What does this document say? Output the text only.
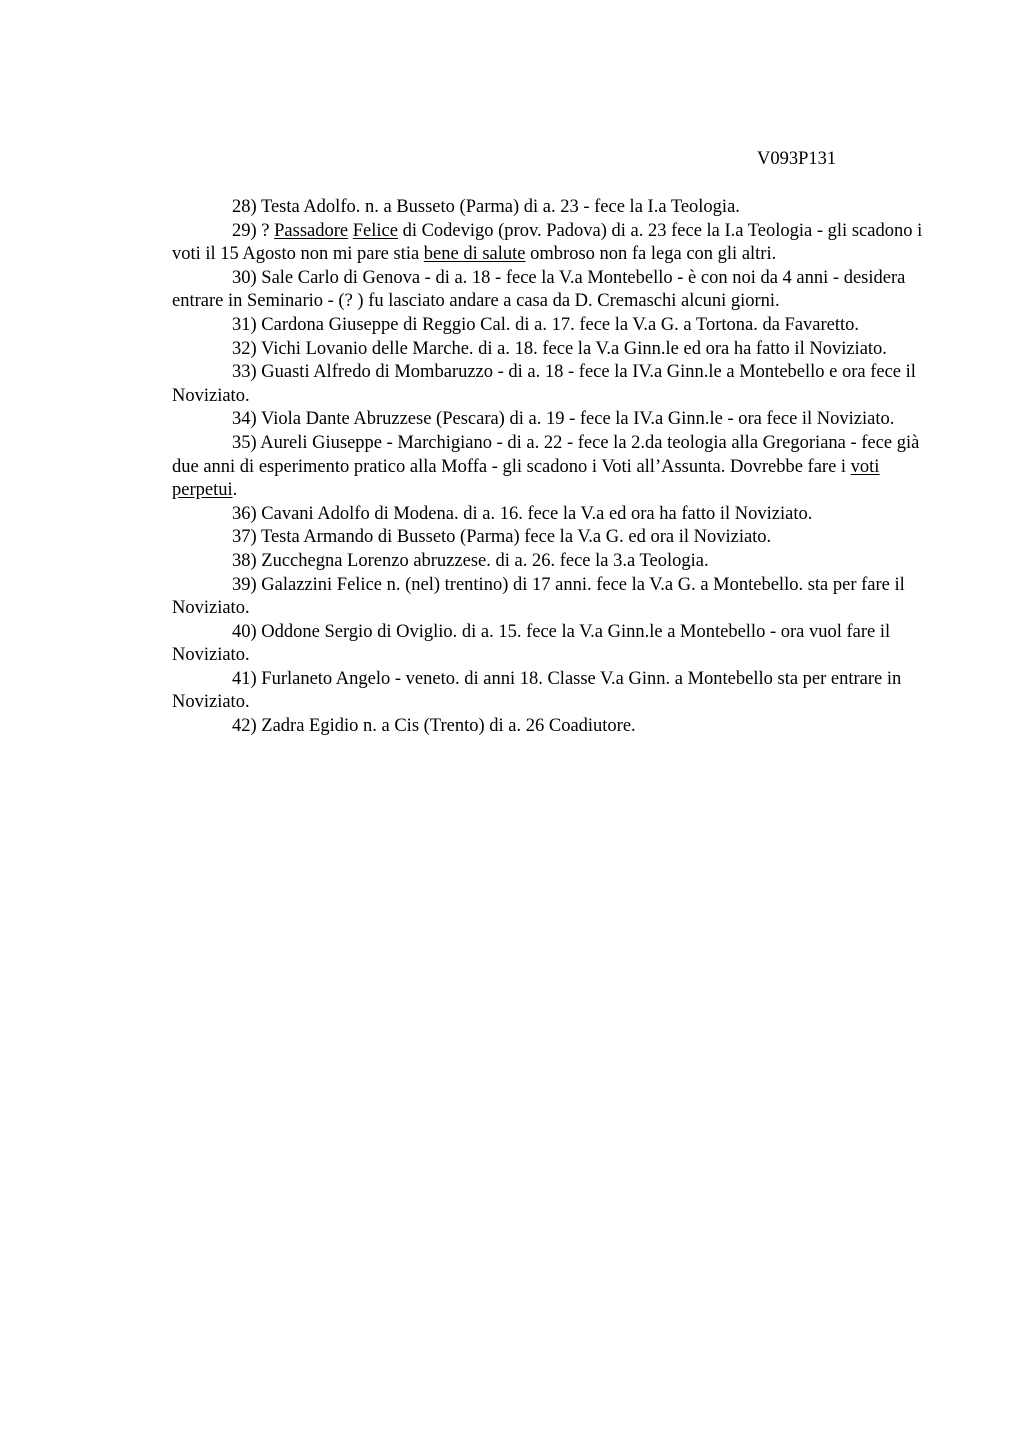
V093P131

28) Testa Adolfo. n. a Busseto (Parma) di a. 23 - fece la I.a Teologia.

29) ? Passadore Felice di Codevigo (prov. Padova) di a. 23 fece la I.a Teologia - gli scadono i voti il 15 Agosto non mi pare stia bene di salute ombroso non fa lega con gli altri.

30) Sale Carlo di Genova - di a. 18 - fece la V.a Montebello - è con noi da 4 anni - desidera entrare in Seminario - (? ) fu lasciato andare a casa da D. Cremaschi alcuni giorni.

31) Cardona Giuseppe di Reggio Cal. di a. 17. fece la V.a G. a Tortona. da Favaretto.

32) Vichi Lovanio delle Marche. di a. 18. fece la V.a Ginn.le ed ora ha fatto il Noviziato.

33) Guasti Alfredo di Mombaruzzo - di a. 18 - fece la IV.a Ginn.le a Montebello e ora fece il Noviziato.

34) Viola Dante Abruzzese (Pescara) di a. 19 - fece la IV.a Ginn.le - ora fece il Noviziato.

35) Aureli Giuseppe - Marchigiano - di a. 22 - fece la 2.da teologia alla Gregoriana - fece già due anni di esperimento pratico alla Moffa - gli scadono i Voti all’Assunta. Dovrebbe fare i voti perpetui.

36) Cavani Adolfo di Modena. di a. 16. fece la V.a ed ora ha fatto il Noviziato.

37) Testa Armando di Busseto (Parma) fece la V.a G. ed ora il Noviziato.

38) Zucchegna Lorenzo abruzzese. di a. 26. fece la 3.a Teologia.

39) Galazzini Felice n. (nel) trentino) di 17 anni. fece la V.a G. a Montebello. sta per fare il Noviziato.

40) Oddone Sergio di Oviglio. di a. 15. fece la V.a Ginn.le a Montebello - ora vuol fare il Noviziato.

41) Furlaneto Angelo - veneto. di anni 18. Classe V.a Ginn. a Montebello sta per entrare in Noviziato.

42) Zadra Egidio n. a Cis (Trento) di a. 26 Coadiutore.
